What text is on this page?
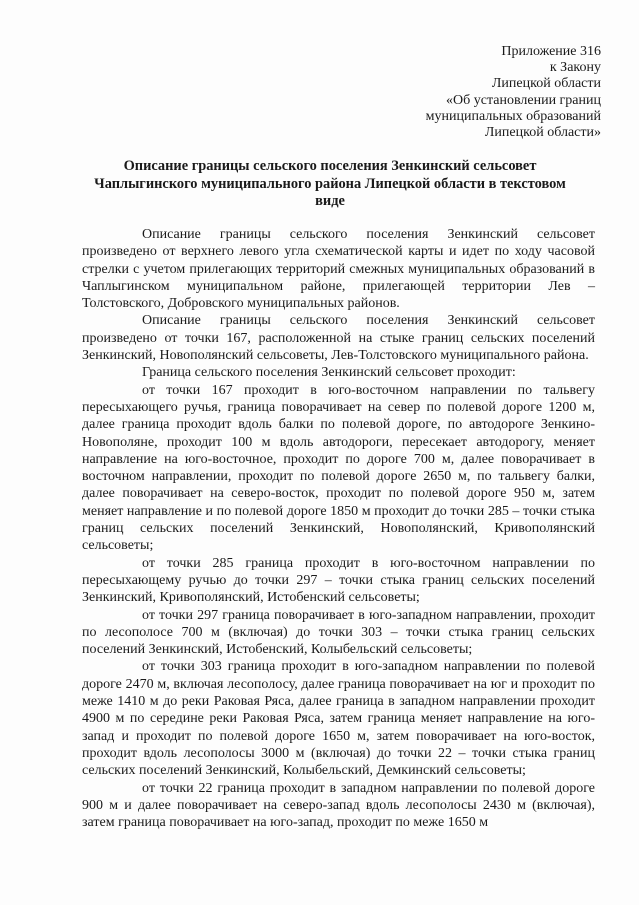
Приложение 316
к Закону
Липецкой области
«Об установлении границ
муниципальных образований
Липецкой области»
Описание границы сельского поселения Зенкинский сельсовет
Чаплыгинского муниципального района Липецкой области в текстовом
виде

Описание границы сельского поселения Зенкинский сельсовет произведено от верхнего левого угла схематической карты и идет по ходу часовой стрелки с учетом прилегающих территорий смежных муниципальных образований в Чаплыгинском муниципальном районе, прилегающей территории Лев – Толстовского, Добровского муниципальных районов.

Описание границы сельского поселения Зенкинский сельсовет произведено от точки 167, расположенной на стыке границ сельских поселений Зенкинский, Новополянский сельсоветы, Лев-Толстовского муниципального района.

Граница сельского поселения Зенкинский сельсовет проходит:

от точки 167 проходит в юго-восточном направлении по тальвегу пересыхающего ручья, граница поворачивает на север по полевой дороге 1200 м, далее граница проходит вдоль балки по полевой дороге, по автодороге Зенкино- Новополяне, проходит 100 м вдоль автодороги, пересекает автодорогу, меняет направление на юго-восточное, проходит по дороге 700 м, далее поворачивает в восточном направлении, проходит по полевой дороге 2650 м, по тальвегу балки, далее поворачивает на северо-восток, проходит по полевой дороге 950 м, затем меняет направление и по полевой дороге 1850 м проходит до точки 285 – точки стыка границ сельских поселений Зенкинский, Новополянский, Кривополянский сельсоветы;

от точки 285 граница проходит в юго-восточном направлении по пересыхающему ручью до точки 297 – точки стыка границ сельских поселений Зенкинский, Кривополянский, Истобенский сельсоветы;

от точки 297 граница поворачивает в юго-западном направлении, проходит по лесополосе 700 м (включая) до точки 303 – точки стыка границ сельских поселений Зенкинский, Истобенский, Колыбельский сельсоветы;

от точки 303 граница проходит в юго-западном направлении по полевой дороге 2470 м, включая лесополосу, далее граница поворачивает на юг и проходит по меже 1410 м до реки Раковая Ряса, далее граница в западном направлении проходит 4900 м по середине реки Раковая Ряса, затем граница меняет направление на юго-запад и проходит по полевой дороге 1650 м, затем поворачивает на юго-восток, проходит вдоль лесополосы 3000 м (включая) до точки 22 – точки стыка границ сельских поселений Зенкинский, Колыбельский, Демкинский сельсоветы;

от точки 22 граница проходит в западном направлении по полевой дороге 900 м и далее поворачивает на северо-запад вдоль лесополосы 2430 м (включая), затем граница поворачивает на юго-запад, проходит по меже 1650 м
